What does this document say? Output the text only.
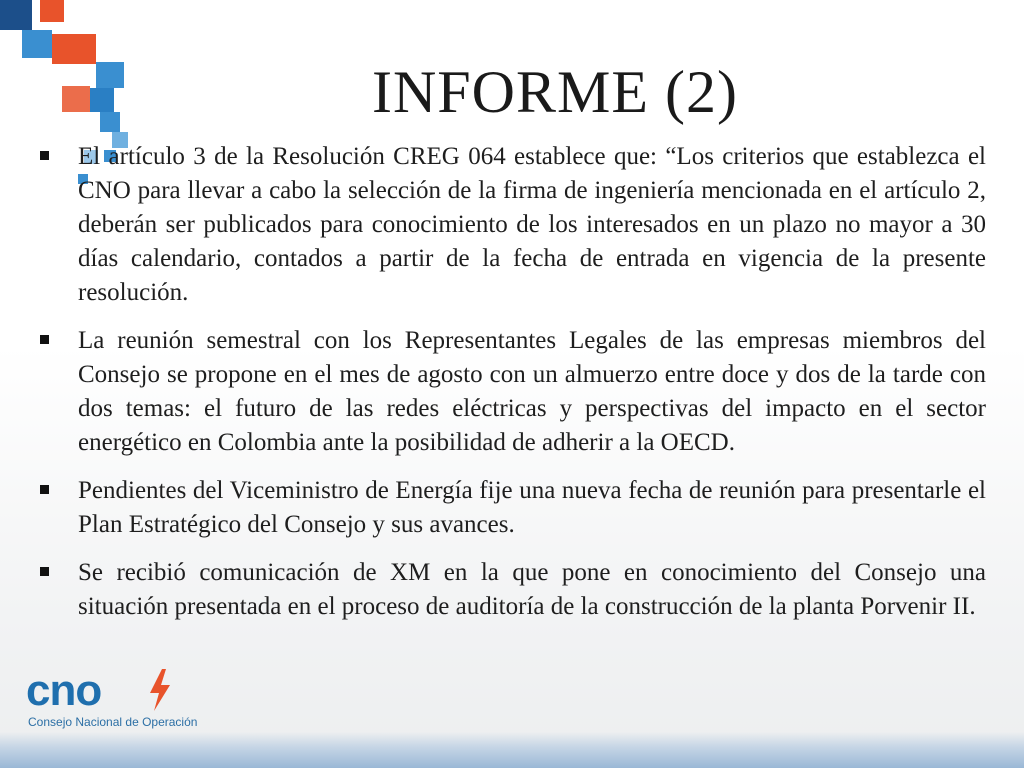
INFORME (2)
El artículo 3 de la Resolución CREG 064 establece que: “Los criterios que establezca el CNO para llevar a cabo la selección de la firma de ingeniería mencionada en el artículo 2, deberán ser publicados para conocimiento de los interesados en un plazo no mayor a 30 días calendario, contados a partir de la fecha de entrada en vigencia de la presente resolución.
La reunión semestral con los Representantes Legales de las empresas miembros del Consejo se propone en el mes de agosto con un almuerzo entre doce y dos de la tarde con dos temas: el futuro de las redes eléctricas y perspectivas del impacto en el sector energético en Colombia ante la posibilidad de adherir a la OECD.
Pendientes del Viceministro de Energía fije una nueva fecha de reunión para presentarle el Plan Estratégico del Consejo y sus avances.
Se recibió comunicación de XM en la que pone en conocimiento del Consejo una situación presentada en el proceso de auditoría de la construcción de la planta Porvenir II.
cno
Consejo Nacional de Operación
